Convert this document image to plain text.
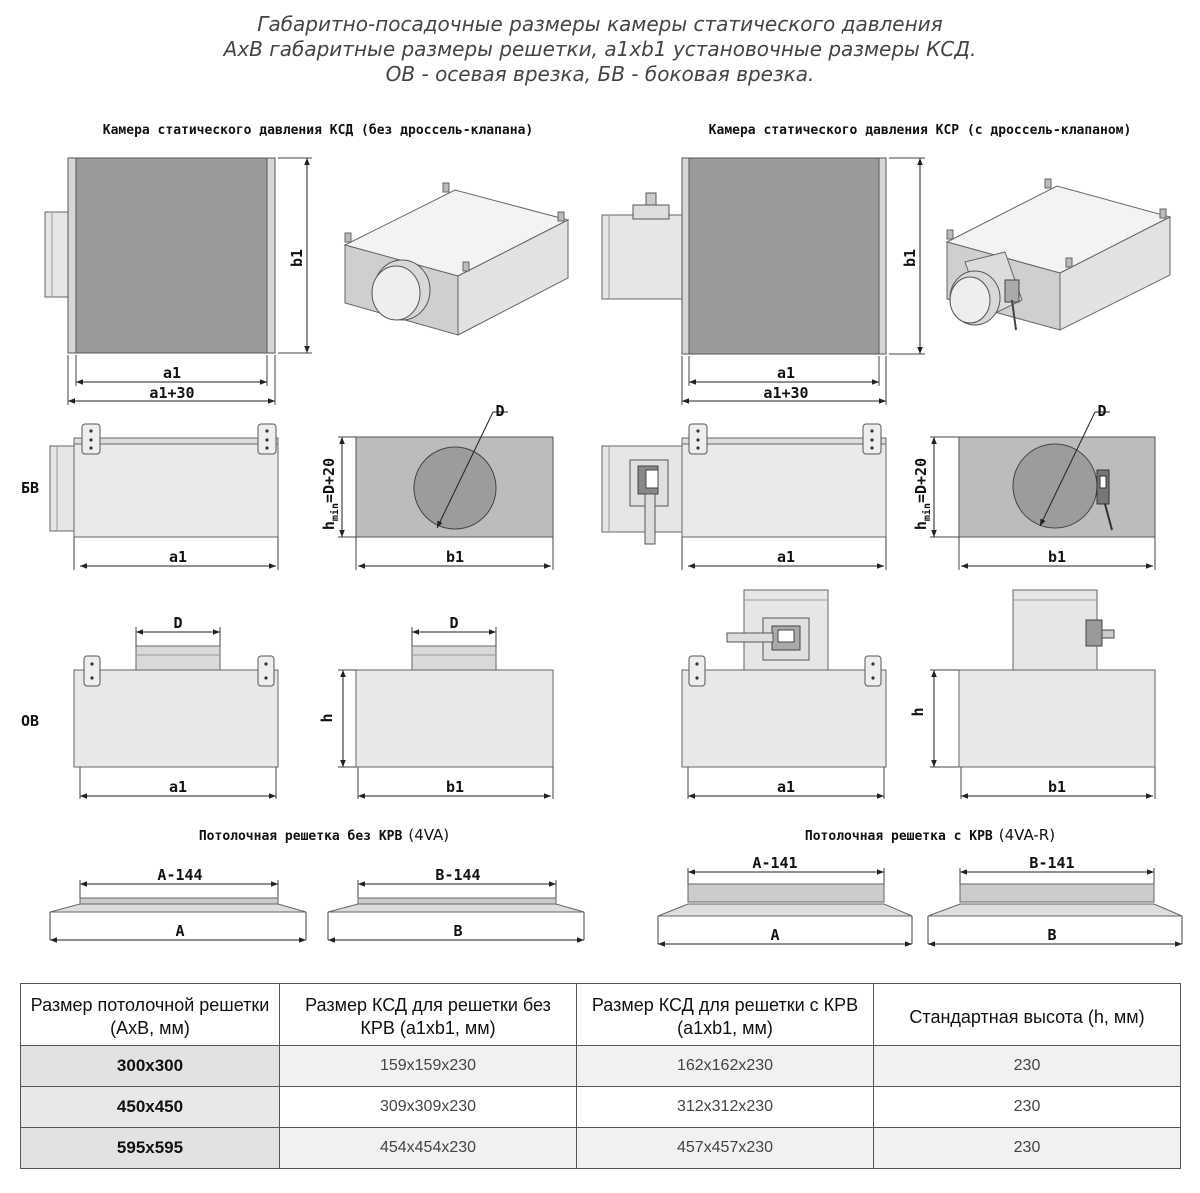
Габаритно-посадочные размеры камеры статического давления
AxB габаритные размеры решетки, a1xb1 установочные размеры КСД.
ОВ - осевая врезка, БВ - боковая врезка.
Камера статического давления КСД (без дроссель-клапана)	Камера статического давления КСР (с дроссель-клапаном)
b1
a1
a1+30
БВ
a1
D
$h_{min}=D+20$
b1
ОВ
D
a1
D
h
b1
b1
a1
a1+30
a1
D
$h_{min}=D+20$
b1
a1
h
b1
Потолочная решетка без КРВ (4VA)	Потолочная решетка с КРВ (4VA-R)
A-144
A
B-144
B
A-141
A
B-141
B
Размер потолочной решетки (AxB, мм)	Размер КСД для решетки без КРВ (a1xb1, мм)	Размер КСД для решетки с КРВ (a1xb1, мм)	Стандартная высота (h, мм)
300x300	159x159x230	162x162x230	230
450x450	309x309x230	312x312x230	230
595x595	454x454x230	457x457x230	230
